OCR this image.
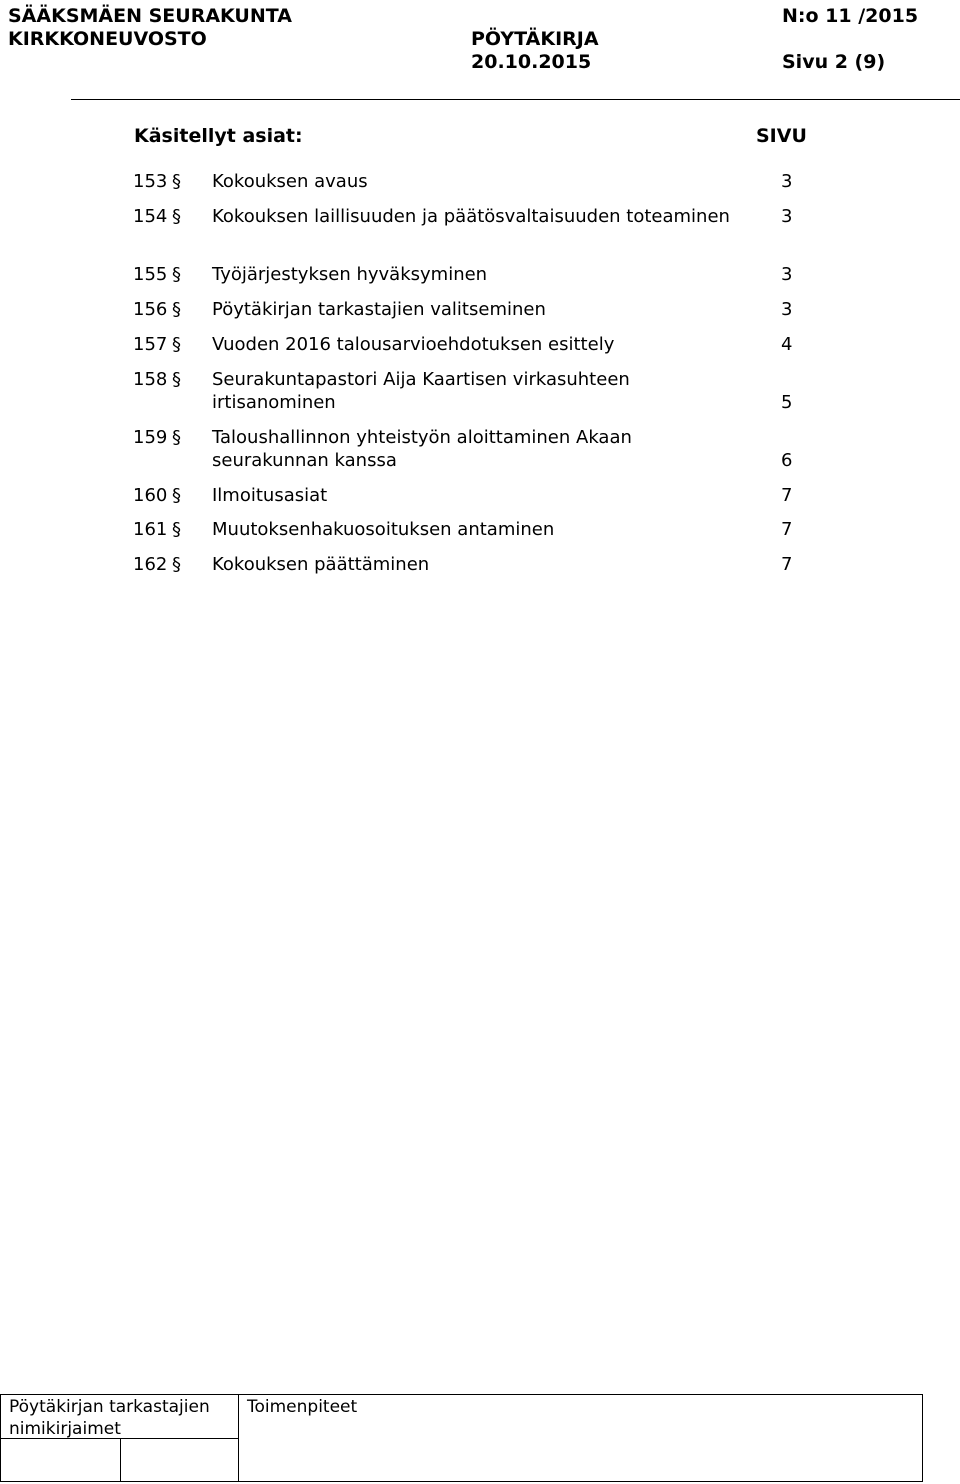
SÄÄKSMÄEN SEURAKUNTA	N:o 11 /2015
KIRKKONEUVOSTO	PÖYTÄKIRJA
20.10.2015	Sivu 2 (9)
Käsitellyt asiat:	SIVU
153 § Kokouksen avaus	3
154 § Kokouksen laillisuuden ja päätösvaltaisuuden toteaminen	3
155 § Työjärjestyksen hyväksyminen	3
156 § Pöytäkirjan tarkastajien valitseminen	3
157 § Vuoden 2016 talousarvioehdotuksen esittely	4
158 § Seurakuntapastori Aija Kaartisen virkasuhteen irtisanominen	5
159 § Taloushallinnon yhteistyön aloittaminen Akaan seurakunnan kanssa	6
160 § Ilmoitusasiat	7
161 § Muutoksenhakuosoituksen antaminen	7
162 § Kokouksen päättäminen	7
Pöytäkirjan tarkastajien nimikirjaimet
Toimenpiteet
